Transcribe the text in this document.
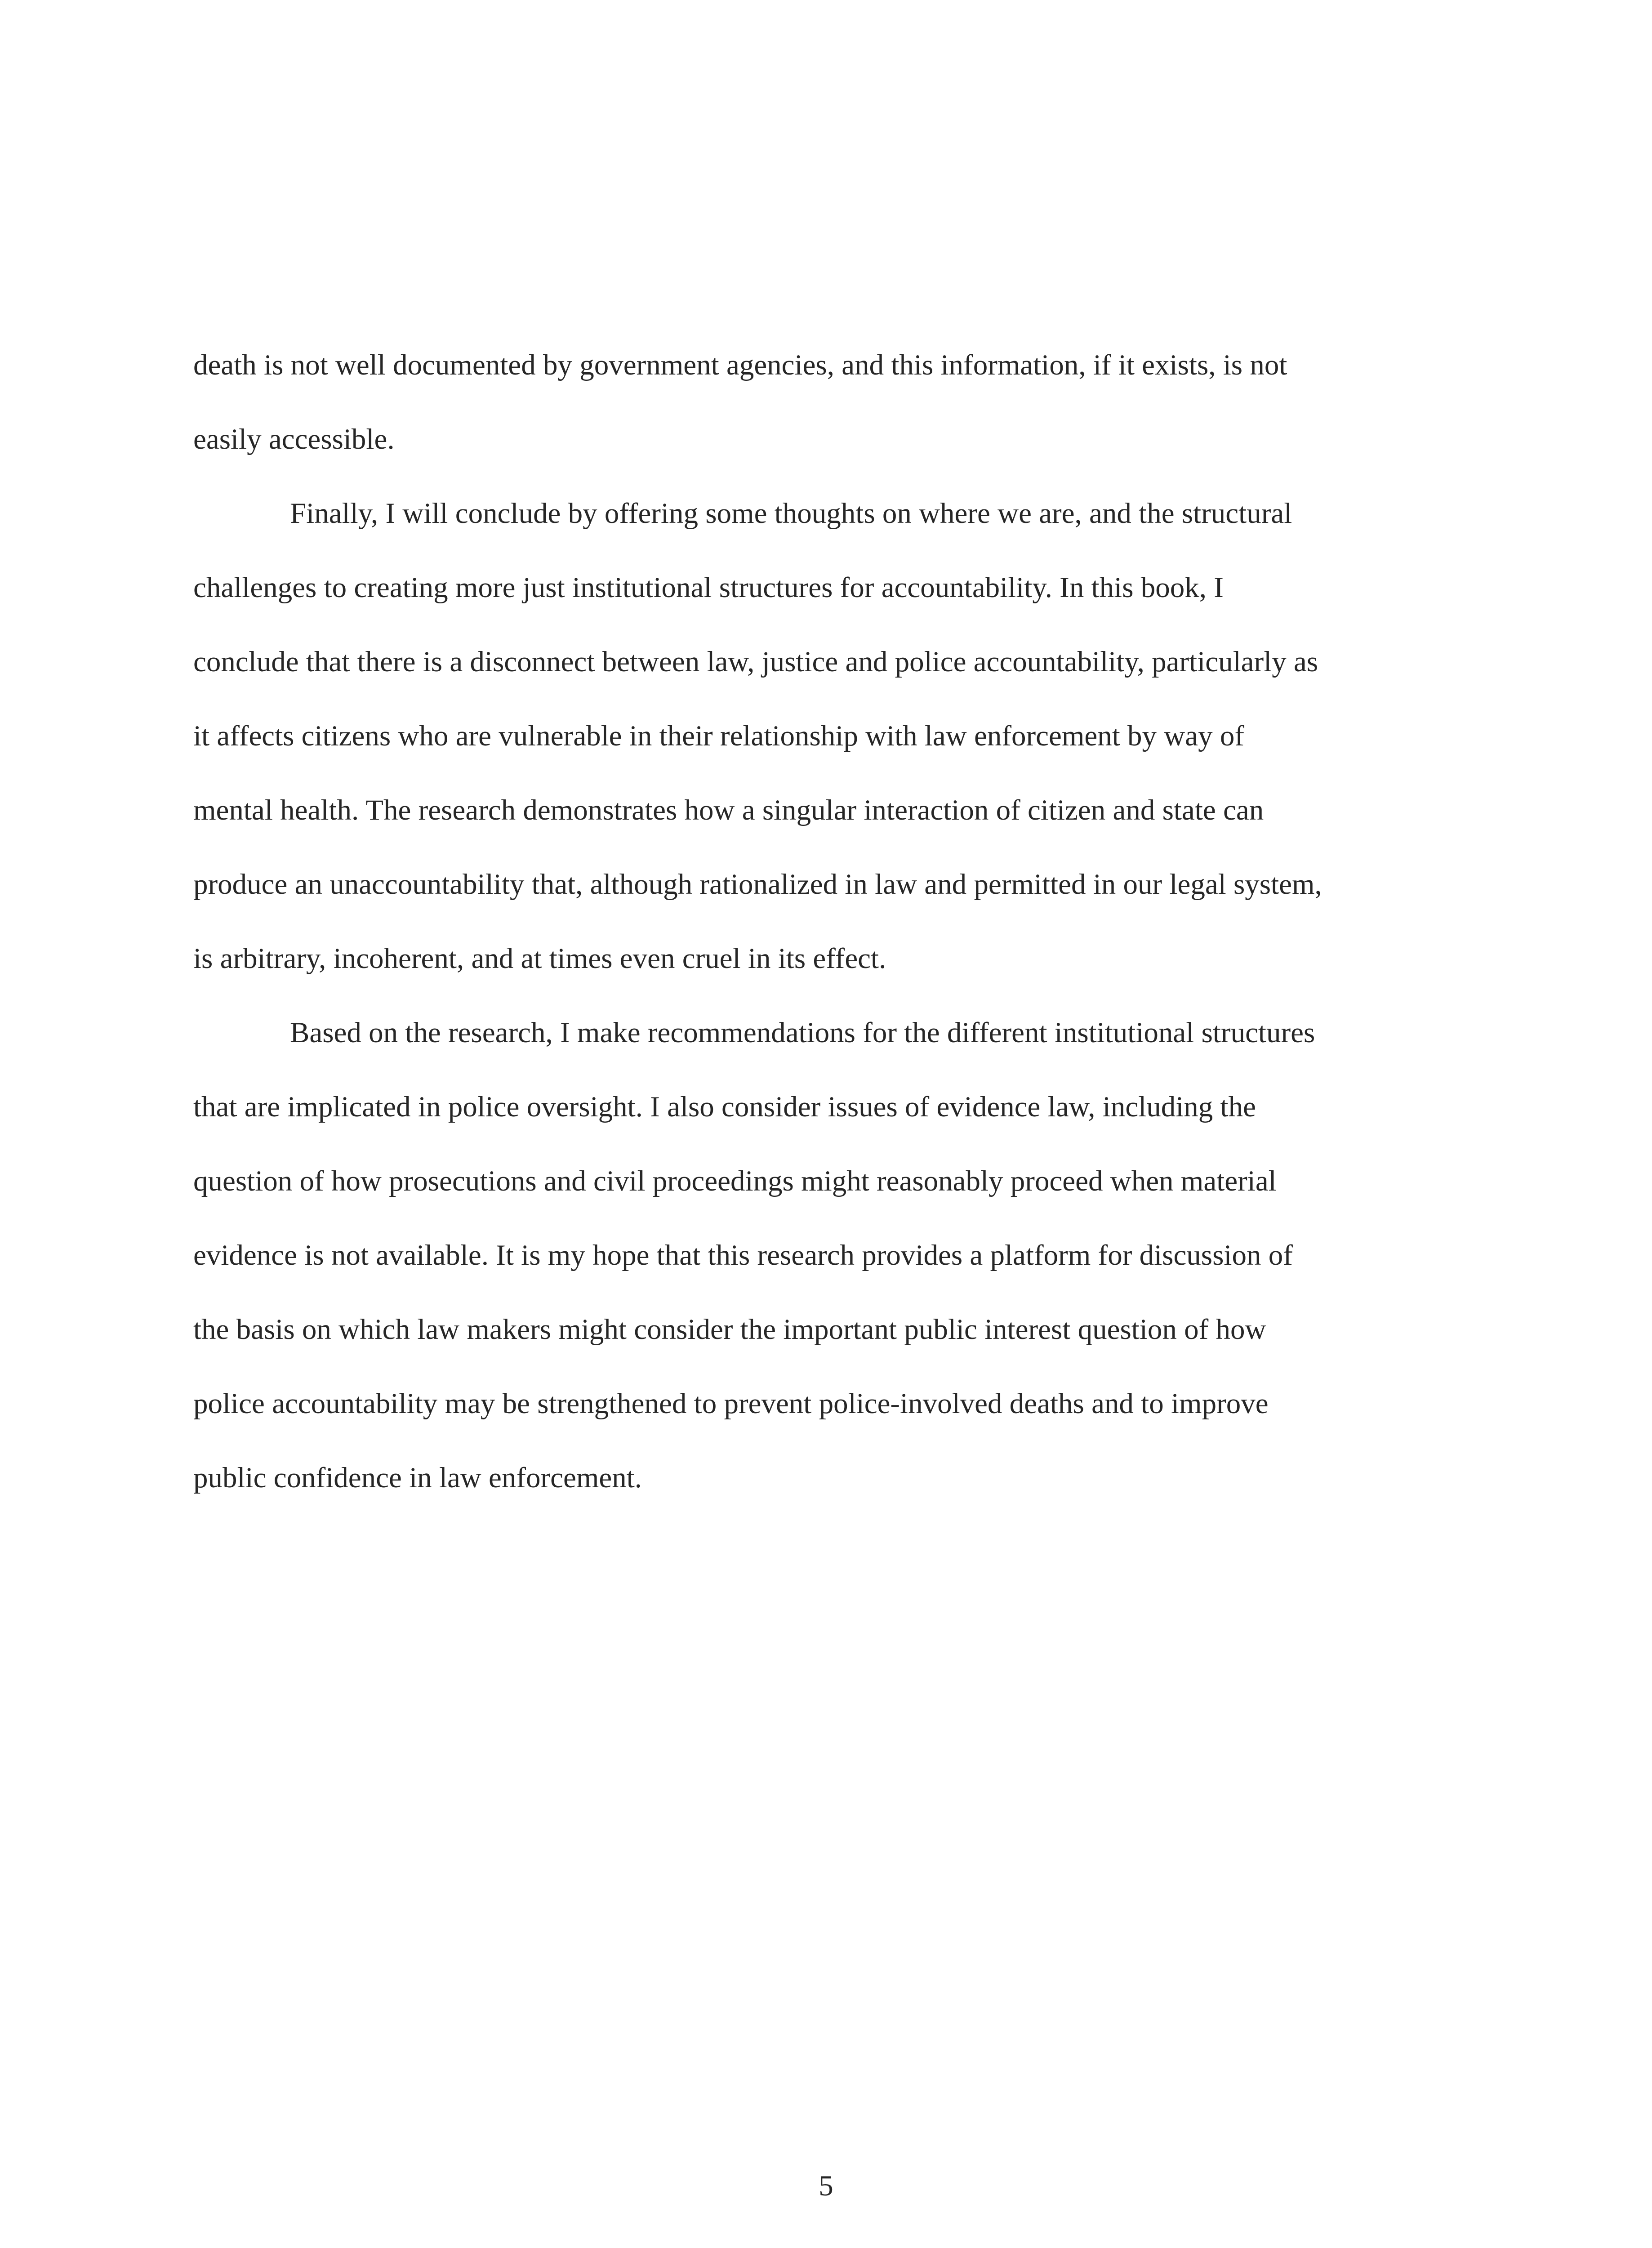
death is not well documented by government agencies, and this information, if it exists, is not
easily accessible.
Finally, I will conclude by offering some thoughts on where we are, and the structural
challenges to creating more just institutional structures for accountability. In this book, I
conclude that there is a disconnect between law, justice and police accountability, particularly as
it affects citizens who are vulnerable in their relationship with law enforcement by way of
mental health. The research demonstrates how a singular interaction of citizen and state can
produce an unaccountability that, although rationalized in law and permitted in our legal system,
is arbitrary, incoherent, and at times even cruel in its effect.
Based on the research, I make recommendations for the different institutional structures
that are implicated in police oversight. I also consider issues of evidence law, including the
question of how prosecutions and civil proceedings might reasonably proceed when material
evidence is not available. It is my hope that this research provides a platform for discussion of
the basis on which law makers might consider the important public interest question of how
police accountability may be strengthened to prevent police-involved deaths and to improve
public confidence in law enforcement.
5
